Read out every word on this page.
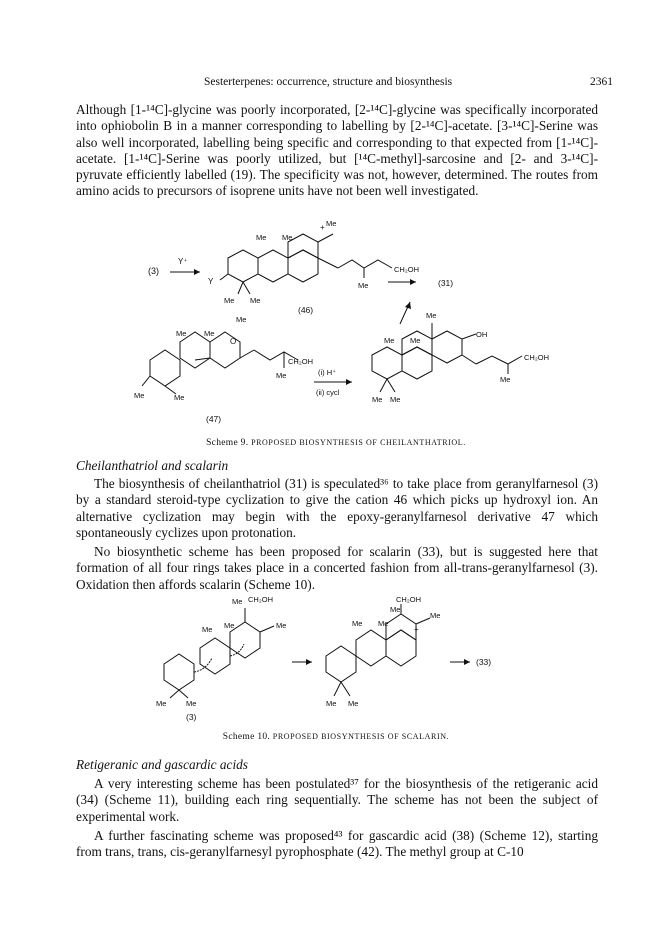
Sesterterpenes: occurrence, structure and biosynthesis	2361
Although [1-¹⁴C]-glycine was poorly incorporated, [2-¹⁴C]-glycine was specifically incorporated into ophiobolin B in a manner corresponding to labelling by [2-¹⁴C]-acetate. [3-¹⁴C]-Serine was also well incorporated, labelling being specific and corresponding to that expected from [1-¹⁴C]-acetate. [1-¹⁴C]-Serine was poorly utilized, but [¹⁴C-methyl]-sarcosine and [2- and 3-¹⁴C]-pyruvate efficiently labelled (19). The specificity was not, however, determined. The routes from amino acids to precursors of isoprene units have not been well investigated.
(3)
Y⁺
+ Me
Me Me
CH₂OH
Me
Y
Me Me
(46)
(31)
Me
Me Me
O
CH₂OH
Me
Me	Me
(47)
(i) H⁺
(ii) cycl
Me
OH
Me Me
CH₂OH
Me
Me Me
Scheme 9. PROPOSED BIOSYNTHESIS OF CHEILANTHATRIOL.
Cheilanthatriol and scalarin
The biosynthesis of cheilanthatriol (31) is speculated³⁶ to take place from geranylfarnesol (3) by a standard steroid-type cyclization to give the cation 46 which picks up hydroxyl ion. An alternative cyclization may begin with the epoxy-geranylfarnesol derivative 47 which spontaneously cyclizes upon protonation.
No biosynthetic scheme has been proposed for scalarin (33), but is suggested here that formation of all four rings takes place in a concerted fashion from all-trans-geranylfarnesol (3). Oxidation then affords scalarin (Scheme 10).
Me CH₂OH
Me
Me Me
Me	Me
(3)
CH₂OH
Me
+
Me
Me Me
Me Me
(33)
Scheme 10. PROPOSED BIOSYNTHESIS OF SCALARIN.
Retigeranic and gascardic acids
A very interesting scheme has been postulated³⁷ for the biosynthesis of the retigeranic acid (34) (Scheme 11), building each ring sequentially. The scheme has not been the subject of experimental work.
A further fascinating scheme was proposed⁴³ for gascardic acid (38) (Scheme 12), starting from trans, trans, cis-geranylfarnesyl pyrophosphate (42). The methyl group at C-10
